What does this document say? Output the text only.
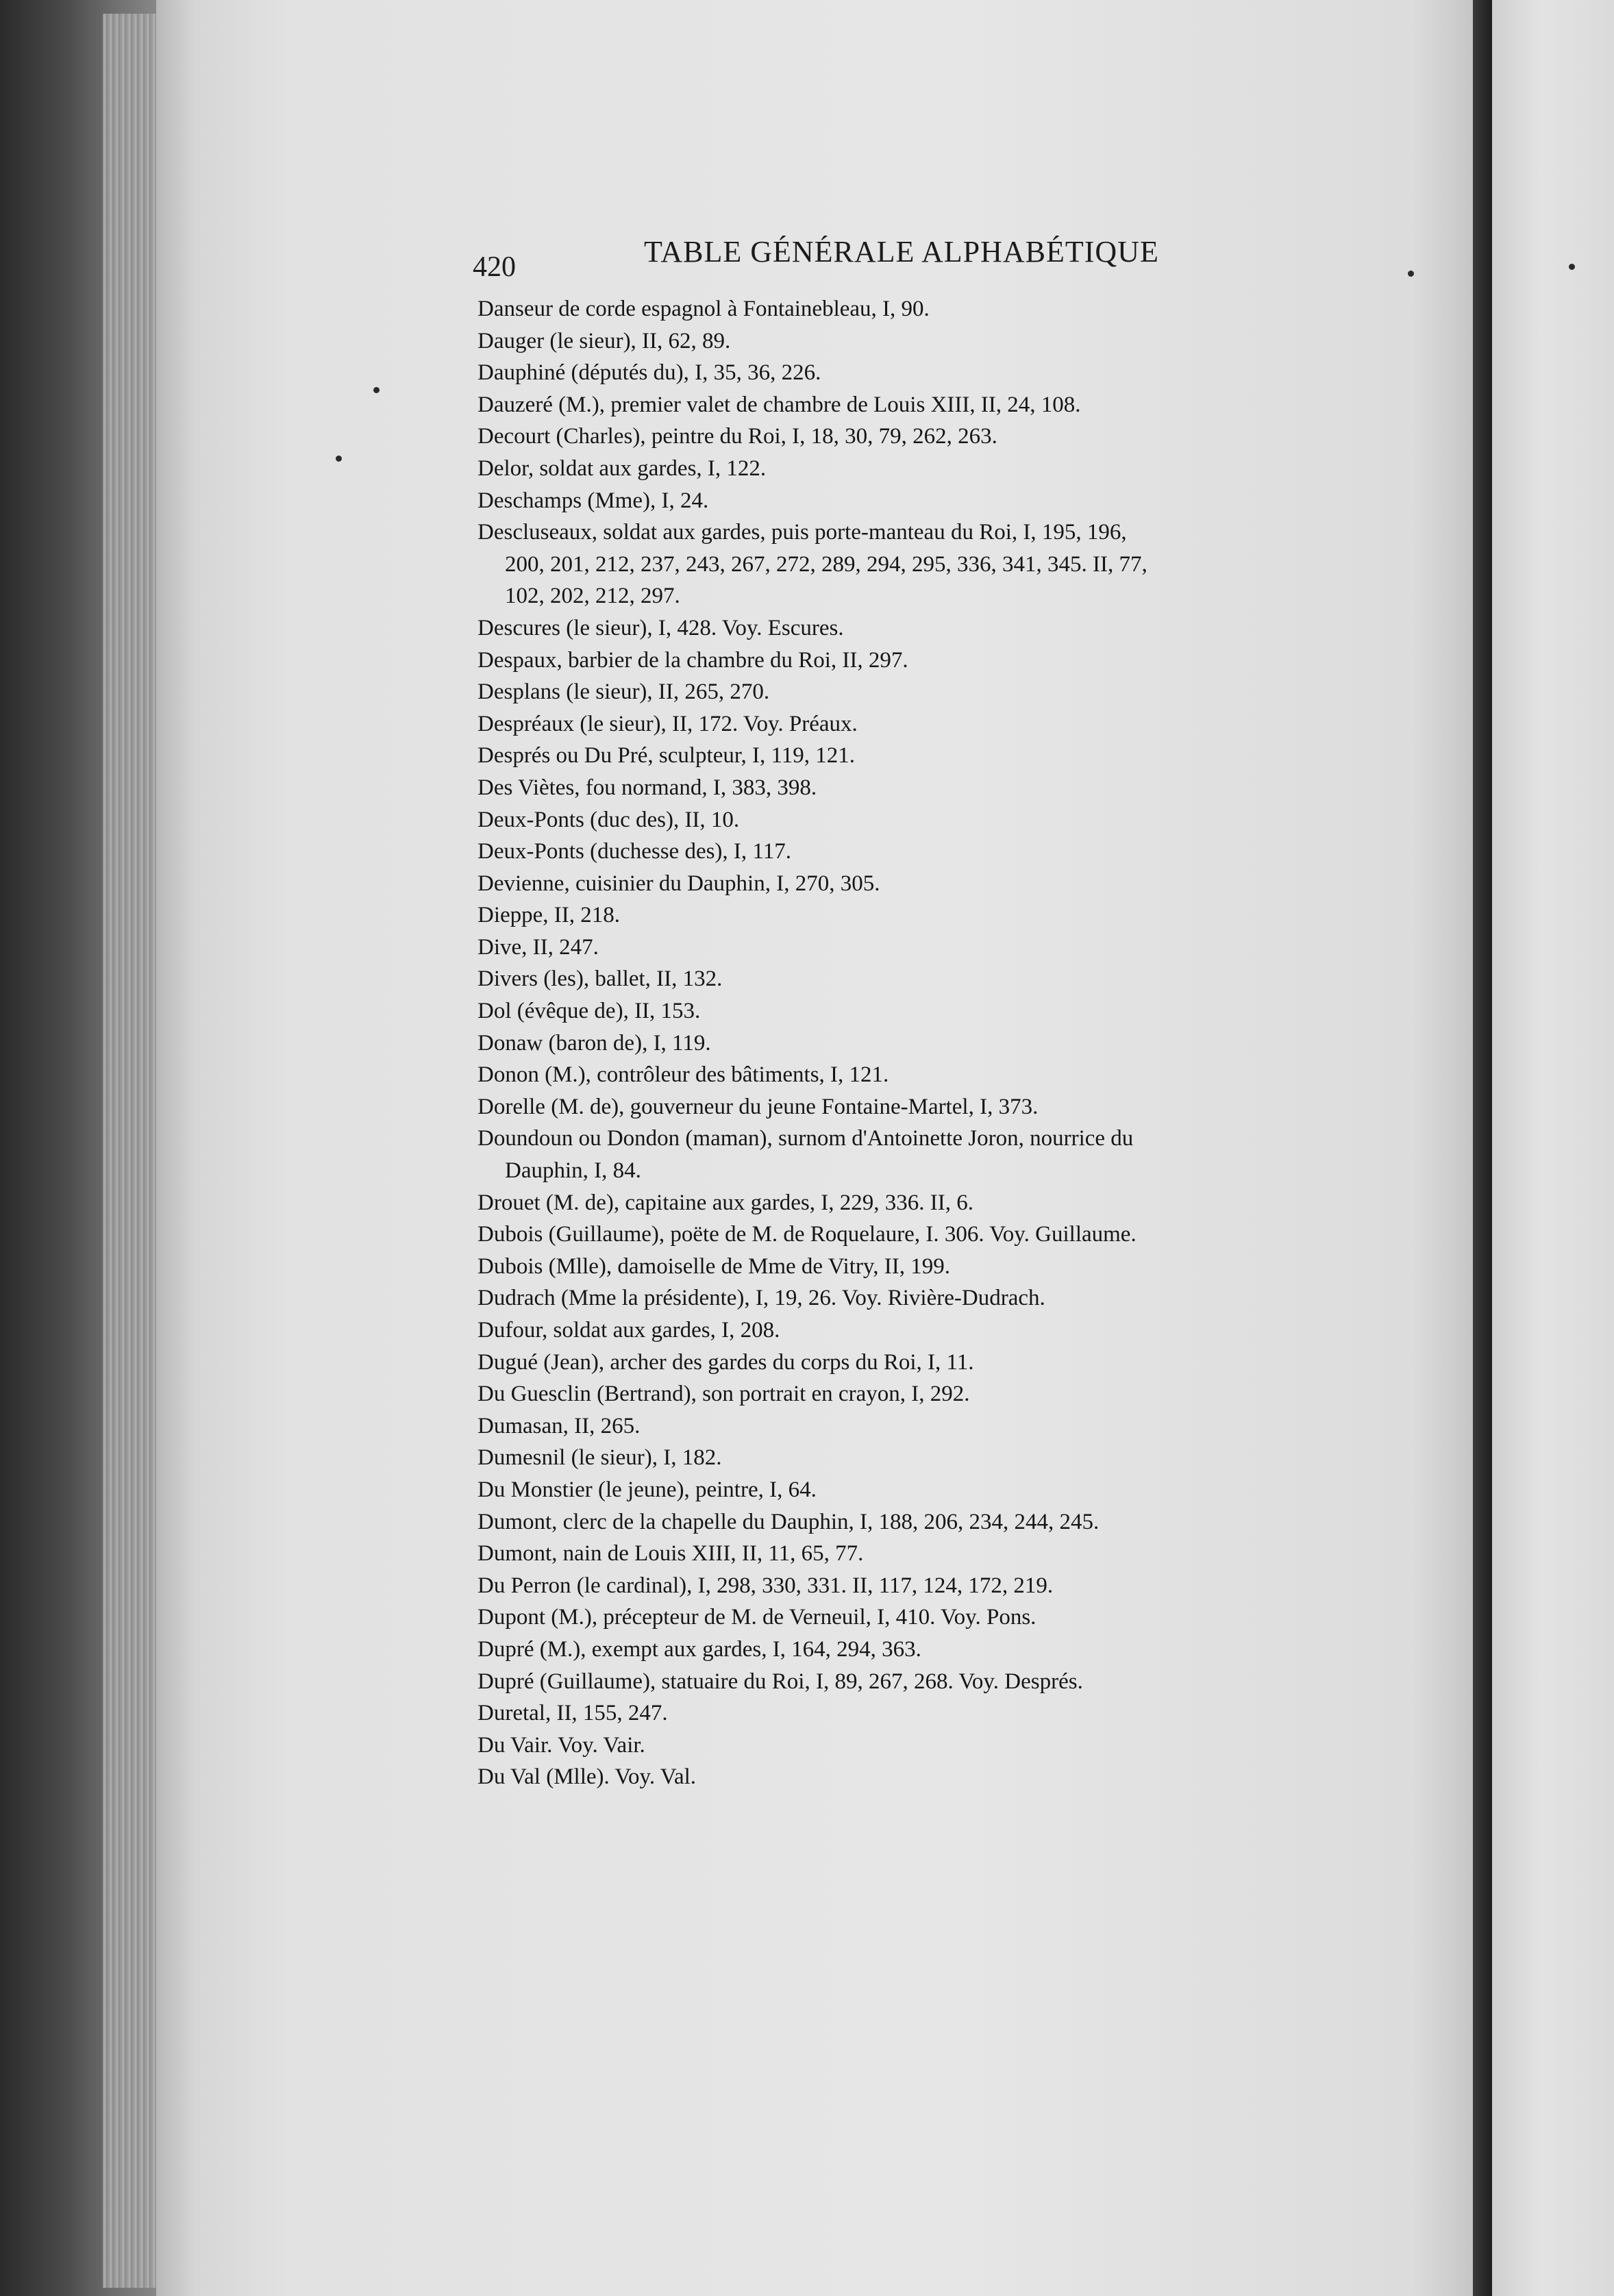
420	TABLE GÉNÉRALE ALPHABÉTIQUE
Danseur de corde espagnol à Fontainebleau, I, 90.
Dauger (le sieur), II, 62, 89.
Dauphiné (députés du), I, 35, 36, 226.
Dauzeré (M.), premier valet de chambre de Louis XIII, II, 24, 108.
Decourt (Charles), peintre du Roi, I, 18, 30, 79, 262, 263.
Delor, soldat aux gardes, I, 122.
Deschamps (Mme), I, 24.
Descluseaux, soldat aux gardes, puis porte-manteau du Roi, I, 195, 196,
200, 201, 212, 237, 243, 267, 272, 289, 294, 295, 336, 341, 345. II, 77,
102, 202, 212, 297.
Descures (le sieur), I, 428. Voy. Escures.
Despaux, barbier de la chambre du Roi, II, 297.
Desplans (le sieur), II, 265, 270.
Despréaux (le sieur), II, 172. Voy. Préaux.
Després ou Du Pré, sculpteur, I, 119, 121.
Des Viètes, fou normand, I, 383, 398.
Deux-Ponts (duc des), II, 10.
Deux-Ponts (duchesse des), I, 117.
Devienne, cuisinier du Dauphin, I, 270, 305.
Dieppe, II, 218.
Dive, II, 247.
Divers (les), ballet, II, 132.
Dol (évêque de), II, 153.
Donaw (baron de), I, 119.
Donon (M.), contrôleur des bâtiments, I, 121.
Dorelle (M. de), gouverneur du jeune Fontaine-Martel, I, 373.
Doundoun ou Dondon (maman), surnom d'Antoinette Joron, nourrice du
Dauphin, I, 84.
Drouet (M. de), capitaine aux gardes, I, 229, 336. II, 6.
Dubois (Guillaume), poëte de M. de Roquelaure, I. 306. Voy. Guillaume.
Dubois (Mlle), damoiselle de Mme de Vitry, II, 199.
Dudrach (Mme la présidente), I, 19, 26. Voy. Rivière-Dudrach.
Dufour, soldat aux gardes, I, 208.
Dugué (Jean), archer des gardes du corps du Roi, I, 11.
Du Guesclin (Bertrand), son portrait en crayon, I, 292.
Dumasan, II, 265.
Dumesnil (le sieur), I, 182.
Du Monstier (le jeune), peintre, I, 64.
Dumont, clerc de la chapelle du Dauphin, I, 188, 206, 234, 244, 245.
Dumont, nain de Louis XIII, II, 11, 65, 77.
Du Perron (le cardinal), I, 298, 330, 331. II, 117, 124, 172, 219.
Dupont (M.), précepteur de M. de Verneuil, I, 410. Voy. Pons.
Dupré (M.), exempt aux gardes, I, 164, 294, 363.
Dupré (Guillaume), statuaire du Roi, I, 89, 267, 268. Voy. Després.
Duretal, II, 155, 247.
Du Vair. Voy. Vair.
Du Val (Mlle). Voy. Val.
